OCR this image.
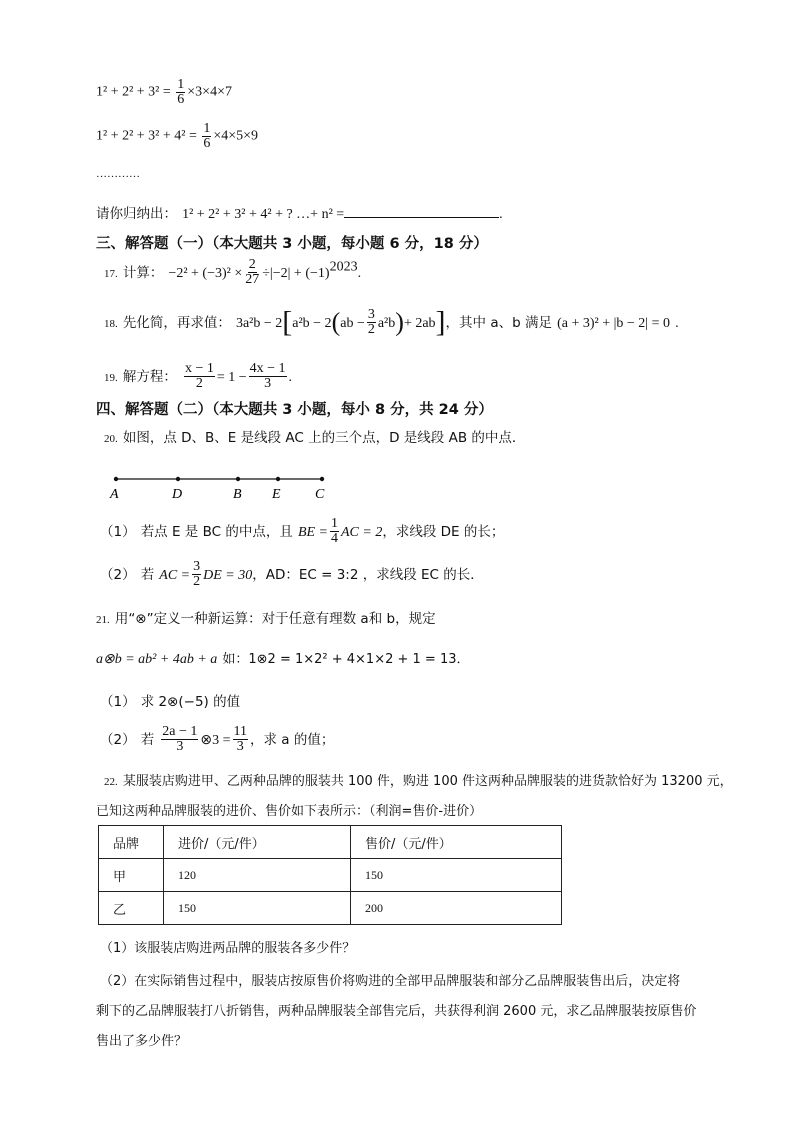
$1^2 + 2^2 + 3^2 = \frac{1}{6} \times 3\times 4\times 7$
$1^2 + 2^2 + 3^2 + 4^2 = \frac{1}{6} \times 4\times 5\times 9$
…………
请你归纳出： 1² + 2² + 3² + 4² + ? …+ n² =	.
三、解答题（一）（本大题共 3 小题，每小题 6 分，18 分）
17. 计算： $-2^2 + (-3)^2 \times \frac{2}{27} \div|-2| + (-1)^{2023}$.
18. 先化简，再求值： $3a^2b - 2[a^2b - 2(ab - \frac{3}{2} a^2b)+ 2ab]$，其中 a、b 满足 (a + 3)² + |b − 2| = 0 .
19. 解方程： $\frac{x - 1}{2} = 1 - \frac{4x - 1}{3}$ .
四、解答题（二）（本大题共 3 小题，每小 8 分，共 24 分）
20. 如图，点 D、B、E 是线段 AC 上的三个点，D 是线段 AB 的中点．
A	D	B E C
（1） 若点 E 是 BC 的中点，且 BE = $\frac{1}{4}$ AC = 2，求线段 DE 的长；
（2） 若 AC = $\frac{3}{2}$ DE = 30，AD：EC = 3:2 ，求线段 EC 的长．
21. 用“⊗”定义一种新运算：对于任意有理数 a和 b，规定
a⊗b = ab² + 4ab + a 如：1⊗2 = 1×2² + 4×1×2 + 1 = 13．
（1） 求 2⊗(−5) 的值
（2） 若 $\frac{2a - 1}{3}$ ⊗3 = $\frac{11}{3}$ ，求 a 的值；
22. 某服装店购进甲、乙两种品牌的服装共 100 件，购进 100 件这两种品牌服装的进货款恰好为 13200 元，
已知这两种品牌服装的进价、售价如下表所示：（利润=售价-进价）
品牌	进价/（元/件）	售价/（元/件）
甲	120	150
乙	150	200
（1）该服装店购进两品牌的服装各多少件？
（2）在实际销售过程中，服装店按原售价将购进的全部甲品牌服装和部分乙品牌服装售出后，决定将
剩下的乙品牌服装打八折销售，两种品牌服装全部售完后，共获得利润 2600 元，求乙品牌服装按原售价
售出了多少件？
